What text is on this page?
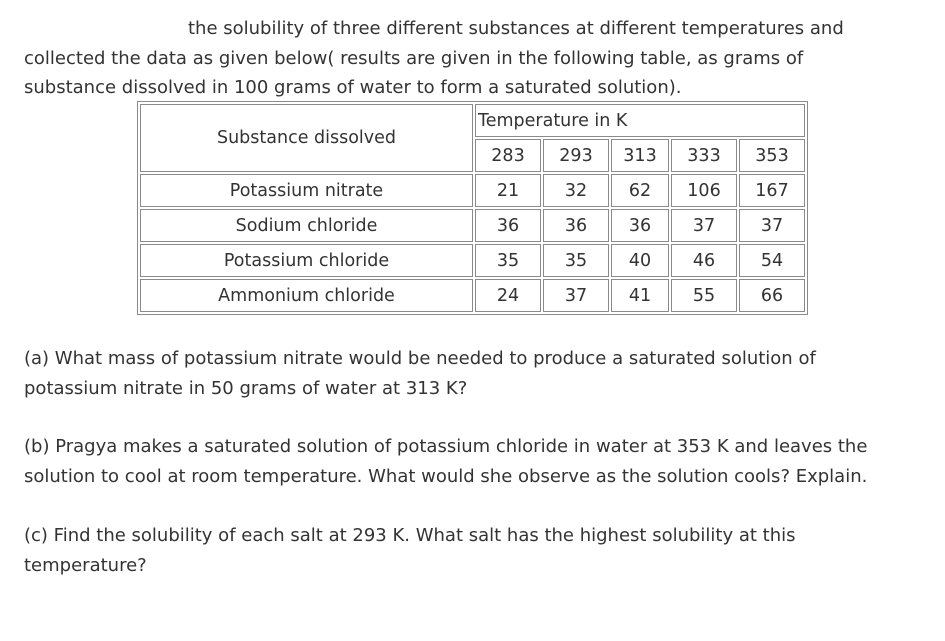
the solubility of three different substances at different temperatures and
collected the data as given below( results are given in the following table, as grams of
substance dissolved in 100 grams of water to form a saturated solution).
Substance dissolved	Temperature in K				
	283	293	313	333	353
Potassium nitrate	21	32	62	106	167
Sodium chloride	36	36	36	37	37
Potassium chloride	35	35	40	46	54
Ammonium chloride	24	37	41	55	66
(a) What mass of potassium nitrate would be needed to produce a saturated solution of
potassium nitrate in 50 grams of water at 313 K?
(b) Pragya makes a saturated solution of potassium chloride in water at 353 K and leaves the
solution to cool at room temperature. What would she observe as the solution cools? Explain.
(c) Find the solubility of each salt at 293 K. What salt has the highest solubility at this
temperature?
